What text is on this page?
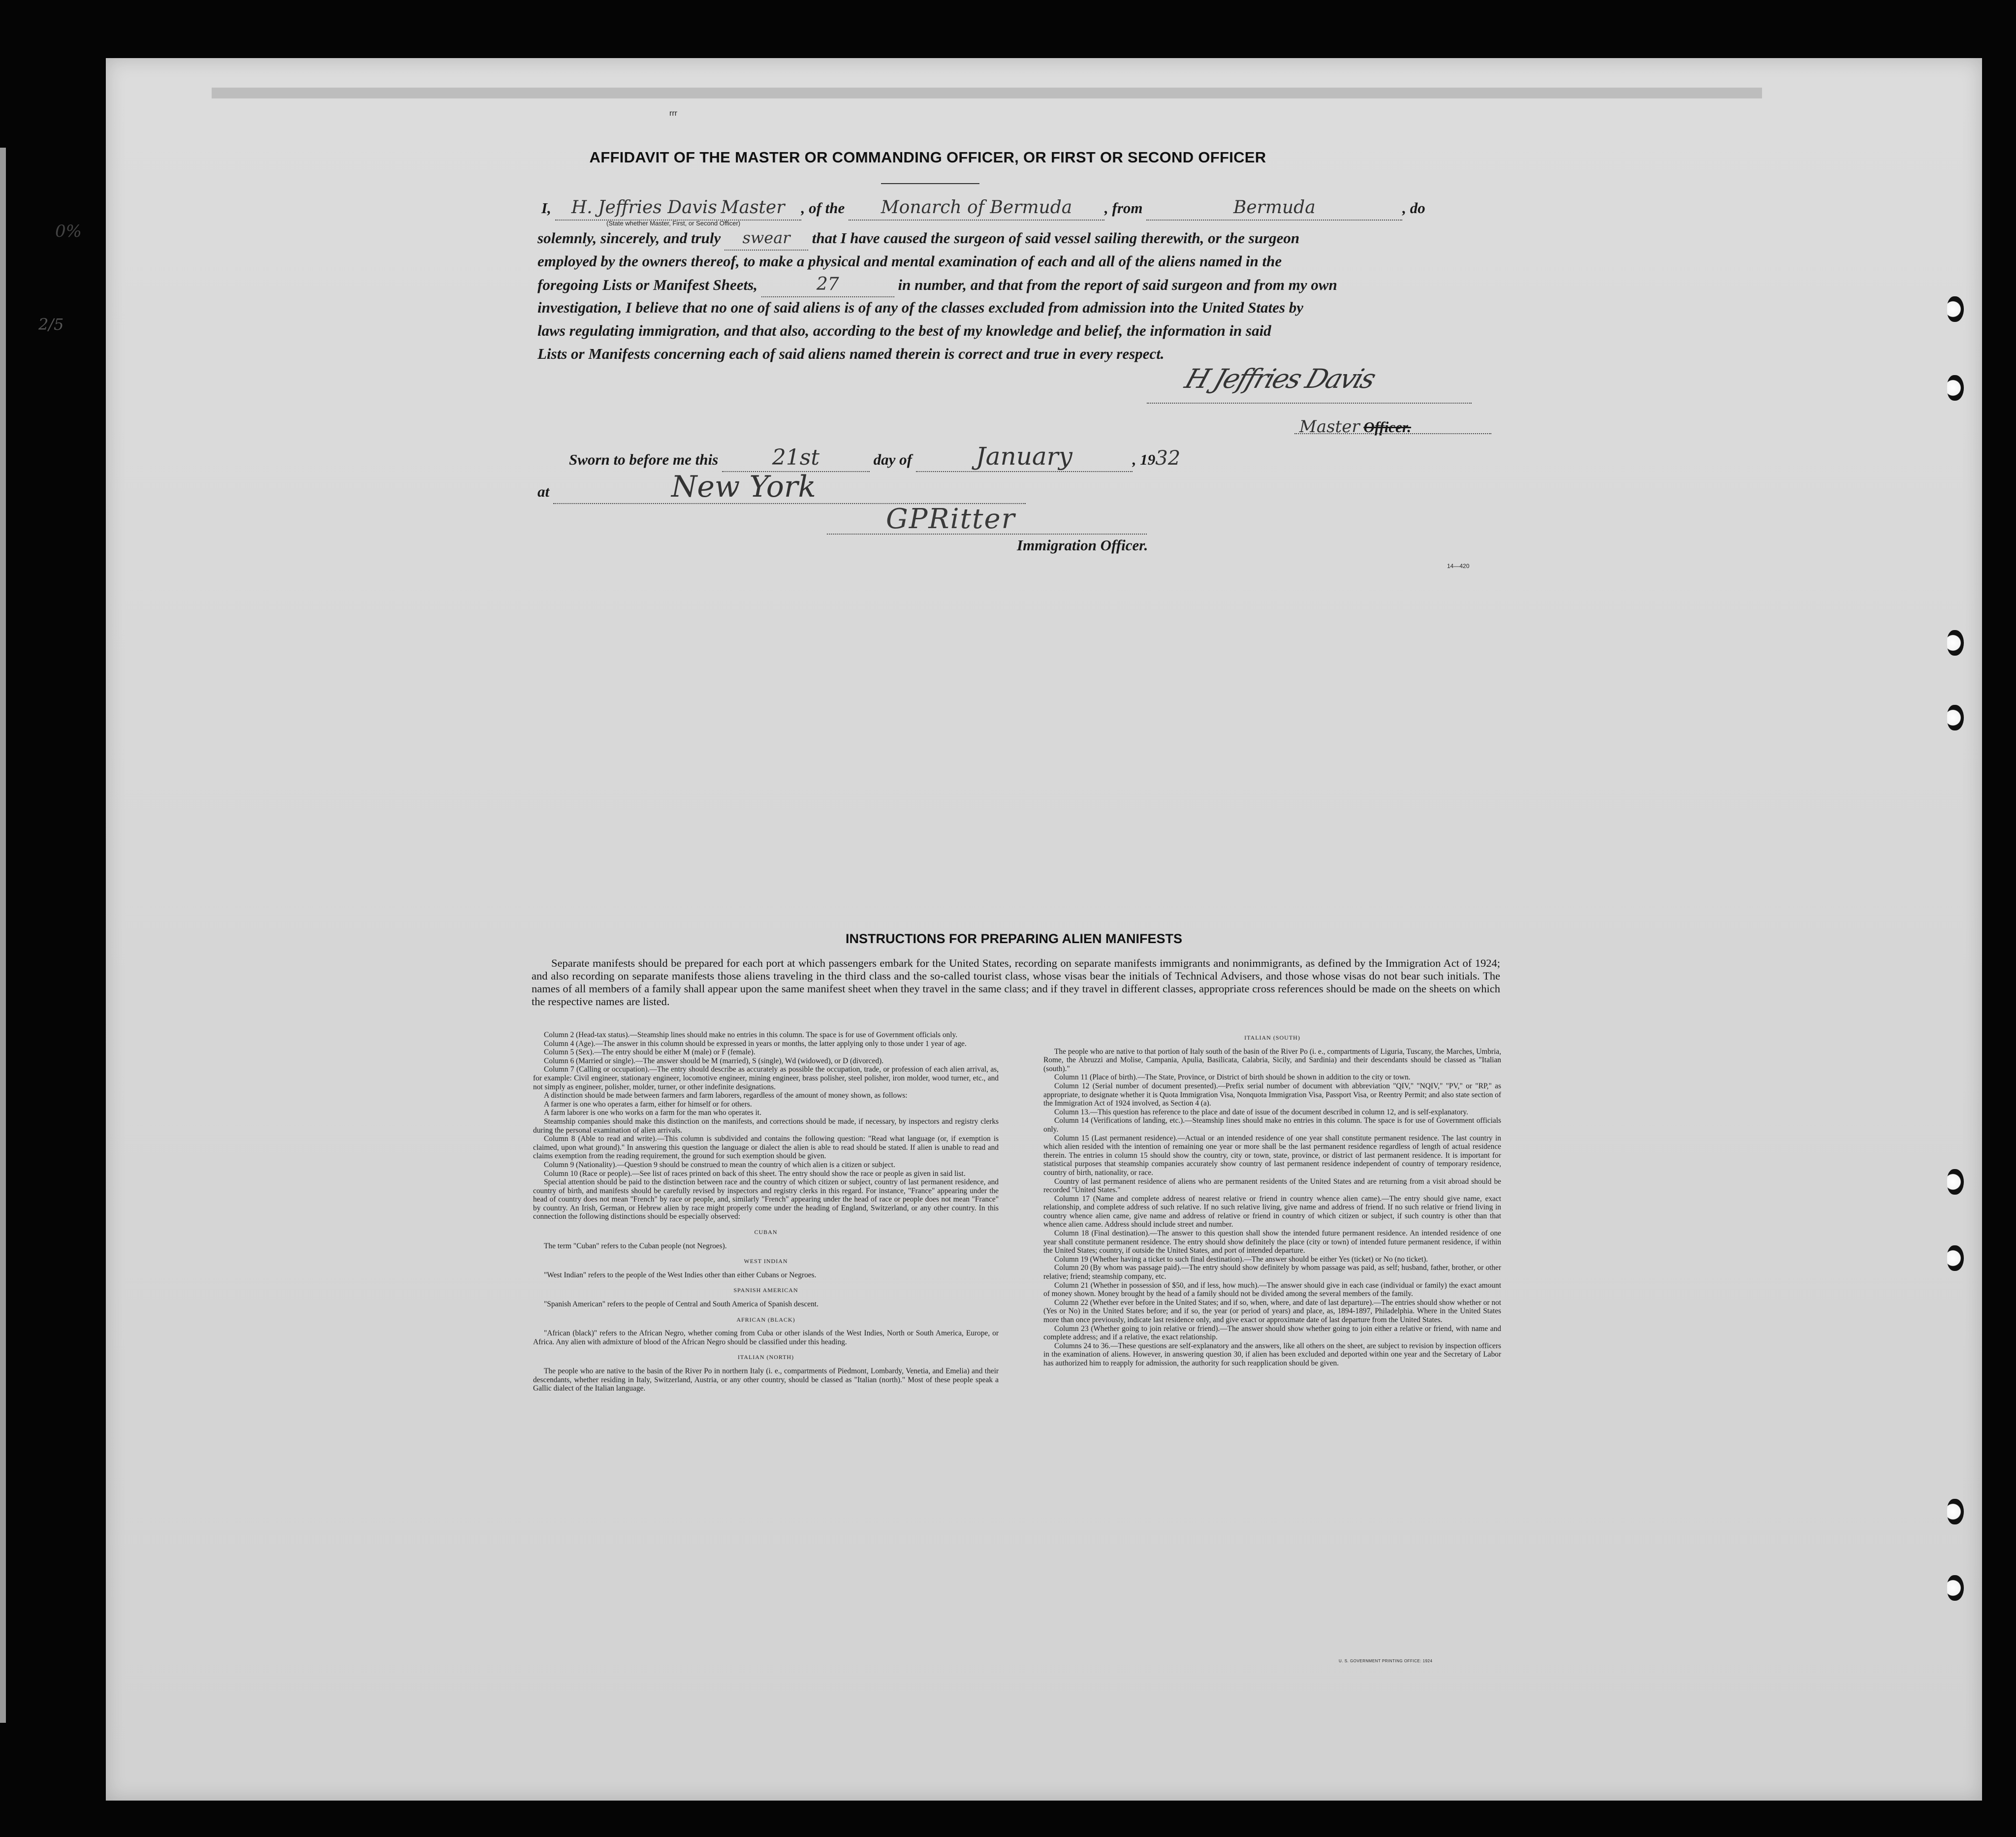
rrr
0%
2/5
AFFIDAVIT OF THE MASTER OR COMMANDING OFFICER, OR FIRST OR SECOND OFFICER
I, H. Jeffries Davis Master , of the Monarch of Bermuda , from	Bermuda	, do
(State whether Master, First, or Second Officer)
solemnly, sincerely, and truly swear that I have caused the surgeon of said vessel sailing therewith, or the surgeon
employed by the owners thereof, to make a physical and mental examination of each and all of the aliens named in the
foregoing Lists or Manifest Sheets,	27	in number, and that from the report of said surgeon and from my own
investigation, I believe that no one of said aliens is of any of the classes excluded from admission into the United States by
laws regulating immigration, and that also, according to the best of my knowledge and belief, the information in said
Lists or Manifests concerning each of said aliens named therein is correct and true in every respect.
H Jeffries Davis
Master Officer.
Sworn to before me this 21st	day of	January	, 1932
at	New York
GPRitter
Immigration Officer.
14—420
INSTRUCTIONS FOR PREPARING ALIEN MANIFESTS
Separate manifests should be prepared for each port at which passengers embark for the United States, recording on separate manifests immigrants and nonimmigrants, as defined by the Immigration Act of 1924; and also recording on separate manifests those aliens traveling in the third class and the so-called tourist class, whose visas bear the initials of Technical Advisers, and those whose visas do not bear such initials. The names of all members of a family shall appear upon the same manifest sheet when they travel in the same class; and if they travel in different classes, appropriate cross references should be made on the sheets on which the respective names are listed.

Column 2 (Head-tax status).—Steamship lines should make no entries in this column. The space is for use of Government officials only.

Column 4 (Age).—The answer in this column should be expressed in years or months, the latter applying only to those under 1 year of age.

Column 5 (Sex).—The entry should be either M (male) or F (female).

Column 6 (Married or single).—The answer should be M (married), S (single), Wd (widowed), or D (divorced).

Column 7 (Calling or occupation).—The entry should describe as accurately as possible the occupation, trade, or profession of each alien arrival, as, for example: Civil engineer, stationary engineer, locomotive engineer, mining engineer, brass polisher, steel polisher, iron molder, wood turner, etc., and not simply as engineer, polisher, molder, turner, or other indefinite designations.

A distinction should be made between farmers and farm laborers, regardless of the amount of money shown, as follows:

A farmer is one who operates a farm, either for himself or for others.

A farm laborer is one who works on a farm for the man who operates it.

Steamship companies should make this distinction on the manifests, and corrections should be made, if necessary, by inspectors and registry clerks during the personal examination of alien arrivals.

Column 8 (Able to read and write).—This column is subdivided and contains the following question: "Read what language (or, if exemption is claimed, upon what ground)." In answering this question the language or dialect the alien is able to read should be stated. If alien is unable to read and claims exemption from the reading requirement, the ground for such exemption should be given.

Column 9 (Nationality).—Question 9 should be construed to mean the country of which alien is a citizen or subject.

Column 10 (Race or people).—See list of races printed on back of this sheet. The entry should show the race or people as given in said list.

Special attention should be paid to the distinction between race and the country of which citizen or subject, country of last permanent residence, and country of birth, and manifests should be carefully revised by inspectors and registry clerks in this regard. For instance, "France" appearing under the head of country does not mean "French" by race or people, and, similarly "French" appearing under the head of race or people does not mean "France" by country. An Irish, German, or Hebrew alien by race might properly come under the heading of England, Switzerland, or any other country. In this connection the following distinctions should be especially observed:

CUBAN

The term "Cuban" refers to the Cuban people (not Negroes).

WEST INDIAN

"West Indian" refers to the people of the West Indies other than either Cubans or Negroes.

SPANISH AMERICAN

"Spanish American" refers to the people of Central and South America of Spanish descent.

AFRICAN (BLACK)

"African (black)" refers to the African Negro, whether coming from Cuba or other islands of the West Indies, North or South America, Europe, or Africa. Any alien with admixture of blood of the African Negro should be classified under this heading.

ITALIAN (NORTH)

The people who are native to the basin of the River Po in northern Italy (i. e., compartments of Piedmont, Lombardy, Venetia, and Emelia) and their descendants, whether residing in Italy, Switzerland, Austria, or any other country, should be classed as "Italian (north)." Most of these people speak a Gallic dialect of the Italian language.

ITALIAN (SOUTH)

The people who are native to that portion of Italy south of the basin of the River Po (i. e., compartments of Liguria, Tuscany, the Marches, Umbria, Rome, the Abruzzi and Molise, Campania, Apulia, Basilicata, Calabria, Sicily, and Sardinia) and their descendants should be classed as "Italian (south)."

Column 11 (Place of birth).—The State, Province, or District of birth should be shown in addition to the city or town.

Column 12 (Serial number of document presented).—Prefix serial number of document with abbreviation "QIV," "NQIV," "PV," or "RP," as appropriate, to designate whether it is Quota Immigration Visa, Nonquota Immigration Visa, Passport Visa, or Reentry Permit; and also state section of the Immigration Act of 1924 involved, as Section 4 (a).

Column 13.—This question has reference to the place and date of issue of the document described in column 12, and is self-explanatory.

Column 14 (Verifications of landing, etc.).—Steamship lines should make no entries in this column. The space is for use of Government officials only.

Column 15 (Last permanent residence).—Actual or an intended residence of one year shall constitute permanent residence. The last country in which alien resided with the intention of remaining one year or more shall be the last permanent residence regardless of length of actual residence therein. The entries in column 15 should show the country, city or town, state, province, or district of last permanent residence. It is important for statistical purposes that steamship companies accurately show country of last permanent residence independent of country of temporary residence, country of birth, nationality, or race.

Country of last permanent residence of aliens who are permanent residents of the United States and are returning from a visit abroad should be recorded "United States."

Column 17 (Name and complete address of nearest relative or friend in country whence alien came).—The entry should give name, exact relationship, and complete address of such relative. If no such relative living, give name and address of friend. If no such relative or friend living in country whence alien came, give name and address of relative or friend in country of which citizen or subject, if such country is other than that whence alien came. Address should include street and number.

Column 18 (Final destination).—The answer to this question shall show the intended future permanent residence. An intended residence of one year shall constitute permanent residence. The entry should show definitely the place (city or town) of intended future permanent residence, if within the United States; country, if outside the United States, and port of intended departure.

Column 19 (Whether having a ticket to such final destination).—The answer should be either Yes (ticket) or No (no ticket).

Column 20 (By whom was passage paid).—The entry should show definitely by whom passage was paid, as self; husband, father, brother, or other relative; friend; steamship company, etc.

Column 21 (Whether in possession of $50, and if less, how much).—The answer should give in each case (individual or family) the exact amount of money shown. Money brought by the head of a family should not be divided among the several members of the family.

Column 22 (Whether ever before in the United States; and if so, when, where, and date of last departure).—The entries should show whether or not (Yes or No) in the United States before; and if so, the year (or period of years) and place, as, 1894-1897, Philadelphia. Where in the United States more than once previously, indicate last residence only, and give exact or approximate date of last departure from the United States.

Column 23 (Whether going to join relative or friend).—The answer should show whether going to join either a relative or friend, with name and complete address; and if a relative, the exact relationship.

Columns 24 to 36.—These questions are self-explanatory and the answers, like all others on the sheet, are subject to revision by inspection officers in the examination of aliens. However, in answering question 30, if alien has been excluded and deported within one year and the Secretary of Labor has authorized him to reapply for admission, the authority for such reapplication should be given.

U. S. GOVERNMENT PRINTING OFFICE: 1924
